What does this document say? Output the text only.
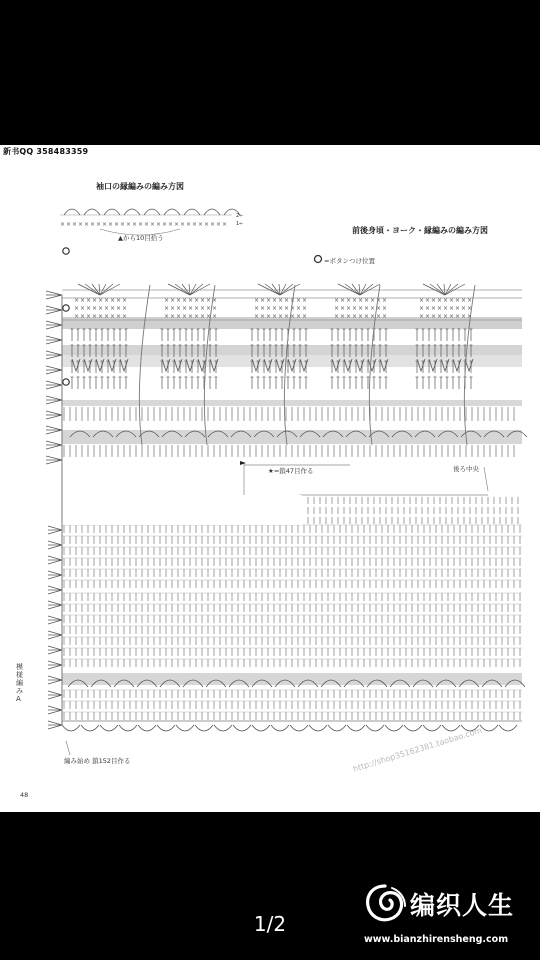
新书QQ 358483359
× × × × × × × × ×
× × × × × × × × ×
× × × × × × × × ×
× × × × × × × × ×
× × × × × × × × ×
× × × × × × × × ×
× × × × × × × × ×
× × × × × × × × ×
× × × × × × × × ×
× × × × × × × × ×
× × × × × × × × ×
× × × × × × × × ×
× × × × × × × × ×
× × × × × × × × ×
× × × × × × × × ×
× × × × × × × × × × × × × × × × × × × × × × × × × × × ×
袖口の縁編みの編み方図
▲から10目拾う
2←
1←
前後身頃・ヨーク・縁編みの編み方図
=ボタンつけ位置
★=鎖47目作る	後ろ中央
模
様
編
み
A
編み始め 鎖152目作る
48
http://shop35162381.taobao.com
1/2
编织人生
www.bianzhirensheng.com
